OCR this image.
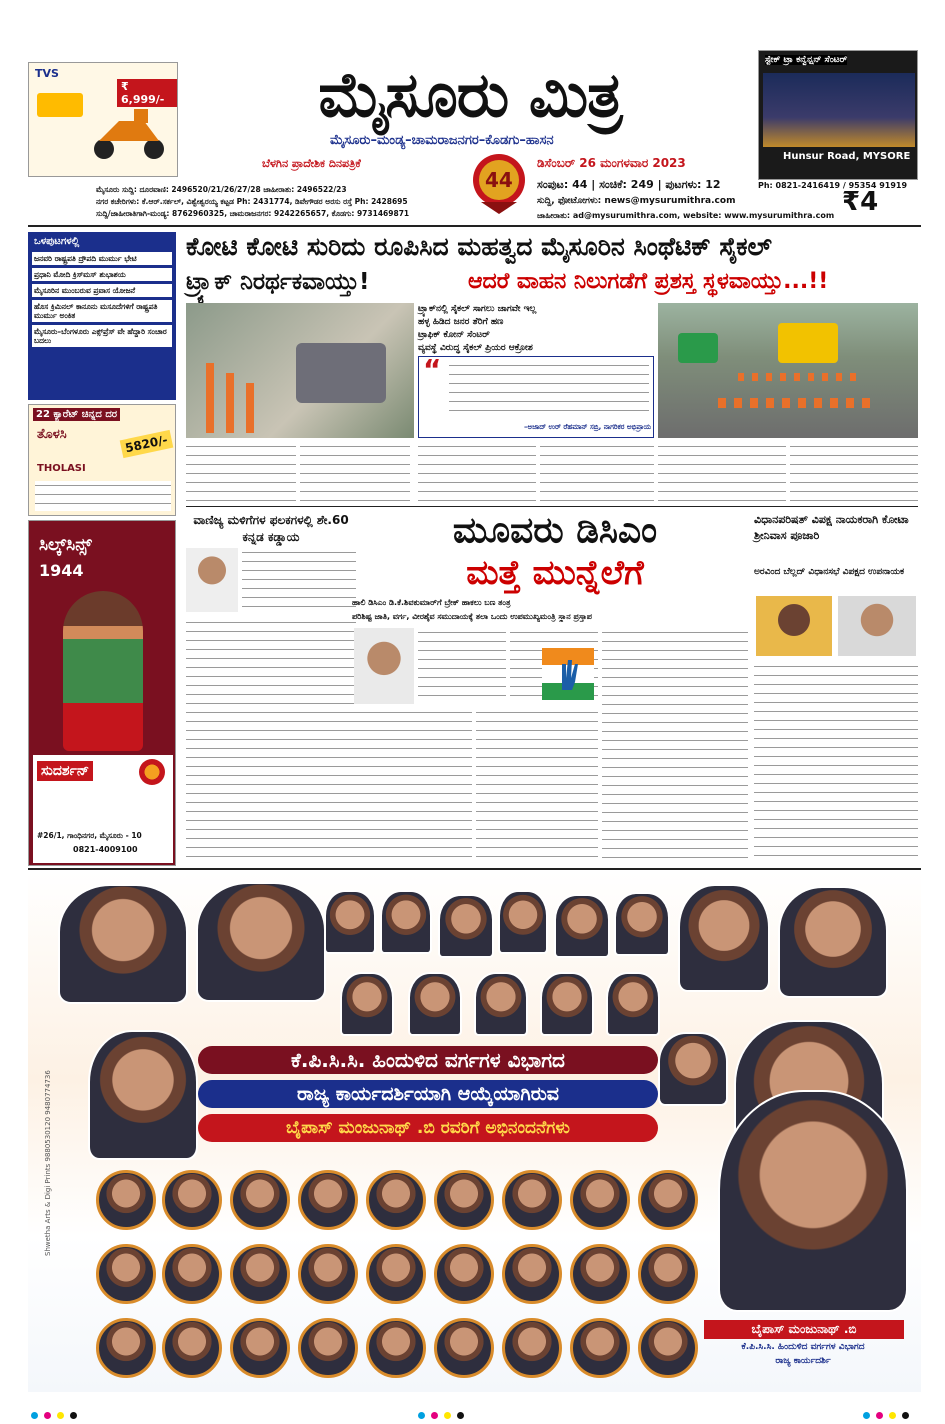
TVS
₹ 6,999/-	ಮೈಸೂರು ಮಿತ್ರ
ಮೈಸೂರು–ಮಂಡ್ಯ–ಚಾಮರಾಜನಗರ–ಕೊಡಗು–ಹಾಸನ
ಬೆಳಗಿನ ಪ್ರಾದೇಶಿಕ ದಿನಪತ್ರಿಕೆ	ಡಿಸೆಂಬರ್ 26 ಮಂಗಳವಾರ 2023
ಸಂಪುಟ: 44 | ಸಂಚಿಕೆ: 249 | ಪುಟಗಳು: 12
₹4
ಸುದ್ದಿ, ಫೋಟೋಗಳು: news@mysurumithra.com
ಜಾಹೀರಾತು: ad@mysurumithra.com, website: www.mysurumithra.com
44
ಮೈಸೂರು ಸುದ್ದಿ: ದೂರವಾಣಿ: 2496520/21/26/27/28 ಜಾಹೀರಾತು: 2496522/23
ನಗರ ಕಚೇರಿಗಳು: ಕೆ.ಆರ್.ಸರ್ಕಲ್, ವಿಶ್ವೇಶ್ವರಯ್ಯ ಕಟ್ಟಡ Ph: 2431774, ಡಿವೇಗೌಡರ ಅರಸು ರಸ್ತೆ Ph: 2428695
ಸುದ್ದಿ/ಜಾಹೀರಾತಿಗಾಗಿ-ಮಂಡ್ಯ: 8762960325, ಚಾಮರಾಜನಗರ: 9242265657, ಕೊಡಗು: 9731469871
ಸ್ಟೇಕ್ ಟ್ರಾ ಕನ್ವೆನ್ಷನ್ ಸೆಂಟರ್
Hunsur Road, MYSORE
Ph: 0821-2416419 / 95354 91919
ಒಳಪುಟಗಳಲ್ಲಿ
ಜನವರಿ ರಾಷ್ಟ್ರಪತಿ ದ್ರೌಪದಿ ಮುರ್ಮು ಭೇಟಿ
ಪ್ರಧಾನಿ ಮೋದಿ ಕ್ರಿಸ್‌ಮಸ್ ಶುಭಾಶಯ
ಮೈಸೂರಿನ ಮುಂಬರುವ ಪ್ರವಾಸ ಯೋಜನೆ
ಹೊಸ ಕ್ರಿಮಿನಲ್ ಕಾನೂನು ಮಸೂದೆಗಳಿಗೆ ರಾಷ್ಟ್ರಪತಿ ಮುರ್ಮು ಅಂಕಿತ
ಮೈಸೂರು–ಬೆಂಗಳೂರು ಎಕ್ಸ್‌ಪ್ರೆಸ್ ವೇ ಹೆದ್ದಾರಿ ಸಂಚಾರ ಬದಲು
22 ಕ್ಯಾರೆಟ್ ಚಿನ್ನದ ದರ
ತೊಳಸಿ
THOLASI
5820/-
ಸಿಲ್ಕ್‌ಸಿನ್ಸ್
1944
ಸುದರ್ಶನ್
#26/1, ಗಾಂಧಿನಗರ, ಮೈಸೂರು - 10
0821-4009100
ಕೋಟಿ ಕೋಟಿ ಸುರಿದು ರೂಪಿಸಿದ ಮಹತ್ವದ ಮೈಸೂರಿನ ಸಿಂಥೆಟಿಕ್ ಸೈಕಲ್
ಟ್ರ್ಯಾಕ್ ನಿರರ್ಥಕವಾಯ್ತು!	ಆದರೆ ವಾಹನ ನಿಲುಗಡೆಗೆ ಪ್ರಶಸ್ತ ಸ್ಥಳವಾಯ್ತು...!!
ಟ್ರ್ಯಾಕ್‌ನಲ್ಲಿ ಸೈಕಲ್ ಸಾಗಲು ಜಾಗವೇ ಇಲ್ಲ
ಹಳ್ಳ ಹಿಡಿದ ಜನರ ತೆರಿಗೆ ಹಣ
ಟ್ರಾಫಿಕ್ ಕೋನ್ ಸೆಂಟರ್
ವ್ಯವಸ್ಥೆ ವಿರುದ್ಧ ಸೈಕಲ್ ಪ್ರಿಯರ ಆಕ್ರೋಶ
“
–ಅಜಾದ್ ಉರ್ ರೆಹಮಾನ್ ಸಬ್ರಿ, ನಾಗರಿಕರ ಅಭಿಪ್ರಾಯ
ವಾಣಿಜ್ಯ ಮಳಿಗೆಗಳ ಫಲಕಗಳಲ್ಲಿ ಶೇ.60 ಕನ್ನಡ ಕಡ್ಡಾಯ	ಮೂವರು ಡಿಸಿಎಂ
ಮತ್ತೆ ಮುನ್ನೆಲೆಗೆ
ಹಾಲಿ ಡಿಸಿಎಂ ಡಿ.ಕೆ.ಶಿವಕುಮಾರ್‌ಗೆ ಬ್ರೇಕ್ ಹಾಕಲು ಬಣ ತಂತ್ರ
ಪರಿಶಿಷ್ಟ ಜಾತಿ, ವರ್ಗ, ವೀರಶೈವ ಸಮುದಾಯಕ್ಕೆ ತಲಾ ಒಂದು ಉಪಮುಖ್ಯಮಂತ್ರಿ ಸ್ಥಾನ ಪ್ರಸ್ತಾಪ
ವಿಧಾನಪರಿಷತ್ ವಿಪಕ್ಷ ನಾಯಕರಾಗಿ ಕೋಟಾ ಶ್ರೀನಿವಾಸ ಪೂಜಾರಿ
ಅರವಿಂದ ಬೆಲ್ಲದ್ ವಿಧಾನಸಭೆ ವಿಪಕ್ಷದ ಉಪನಾಯಕ
ಕೆ.ಪಿ.ಸಿ.ಸಿ. ಹಿಂದುಳಿದ ವರ್ಗಗಳ ವಿಭಾಗದ
ರಾಜ್ಯ ಕಾರ್ಯದರ್ಶಿಯಾಗಿ ಆಯ್ಕೆಯಾಗಿರುವ
ಬೈಪಾಸ್ ಮಂಜುನಾಥ್ .ಬಿ ರವರಿಗೆ ಅಭಿನಂದನೆಗಳು
ಬೈಪಾಸ್ ಮಂಜುನಾಥ್ .ಬಿ
ಕೆ.ಪಿ.ಸಿ.ಸಿ. ಹಿಂದುಳಿದ ವರ್ಗಗಳ ವಿಭಾಗದ
ರಾಜ್ಯ ಕಾರ್ಯದರ್ಶಿ
Shwetha Arts & Digi Prints 9880530120 9480774736
